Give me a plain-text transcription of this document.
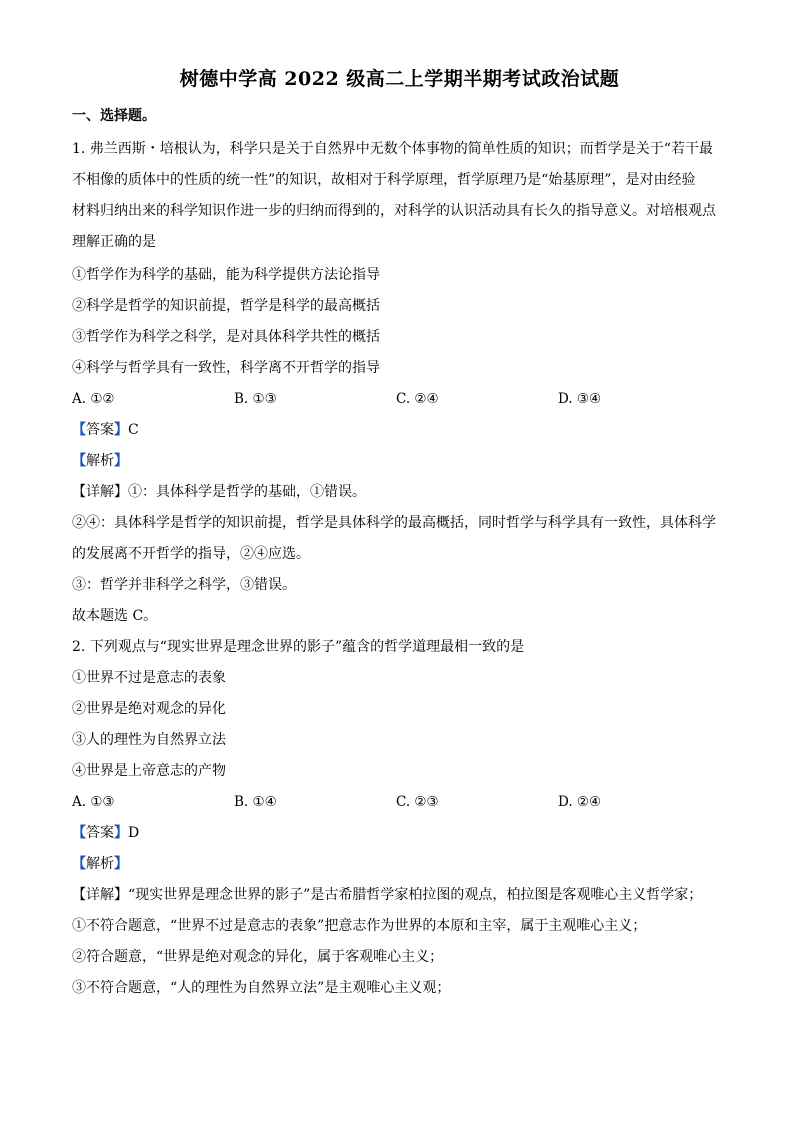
树德中学高 2022 级高二上学期半期考试政治试题
一、选择题。

1. 弗兰西斯・培根认为，科学只是关于自然界中无数个体事物的简单性质的知识；而哲学是关于“若干最

不相像的质体中的性质的统一性”的知识，故相对于科学原理，哲学原理乃是“始基原理”，是对由经验

材料归纳出来的科学知识作进一步的归纳而得到的，对科学的认识活动具有长久的指导意义。对培根观点

理解正确的是

①哲学作为科学的基础，能为科学提供方法论指导

②科学是哲学的知识前提，哲学是科学的最高概括

③哲学作为科学之科学，是对具体科学共性的概括

④科学与哲学具有一致性，科学离不开哲学的指导

A. ①②	B. ①③	C. ②④	D. ③④

【答案】C

【解析】

【详解】①：具体科学是哲学的基础，①错误。

②④：具体科学是哲学的知识前提，哲学是具体科学的最高概括，同时哲学与科学具有一致性，具体科学

的发展离不开哲学的指导，②④应选。

③：哲学并非科学之科学，③错误。

故本题选 C。

2. 下列观点与“现实世界是理念世界的影子”蕴含的哲学道理最相一致的是

①世界不过是意志的表象

②世界是绝对观念的异化

③人的理性为自然界立法

④世界是上帝意志的产物

A. ①③	B. ①④	C. ②③	D. ②④

【答案】D

【解析】

【详解】“现实世界是理念世界的影子”是古希腊哲学家柏拉图的观点，柏拉图是客观唯心主义哲学家；

①不符合题意，“世界不过是意志的表象”把意志作为世界的本原和主宰，属于主观唯心主义；

②符合题意，“世界是绝对观念的异化，属于客观唯心主义；

③不符合题意，“人的理性为自然界立法”是主观唯心主义观；
